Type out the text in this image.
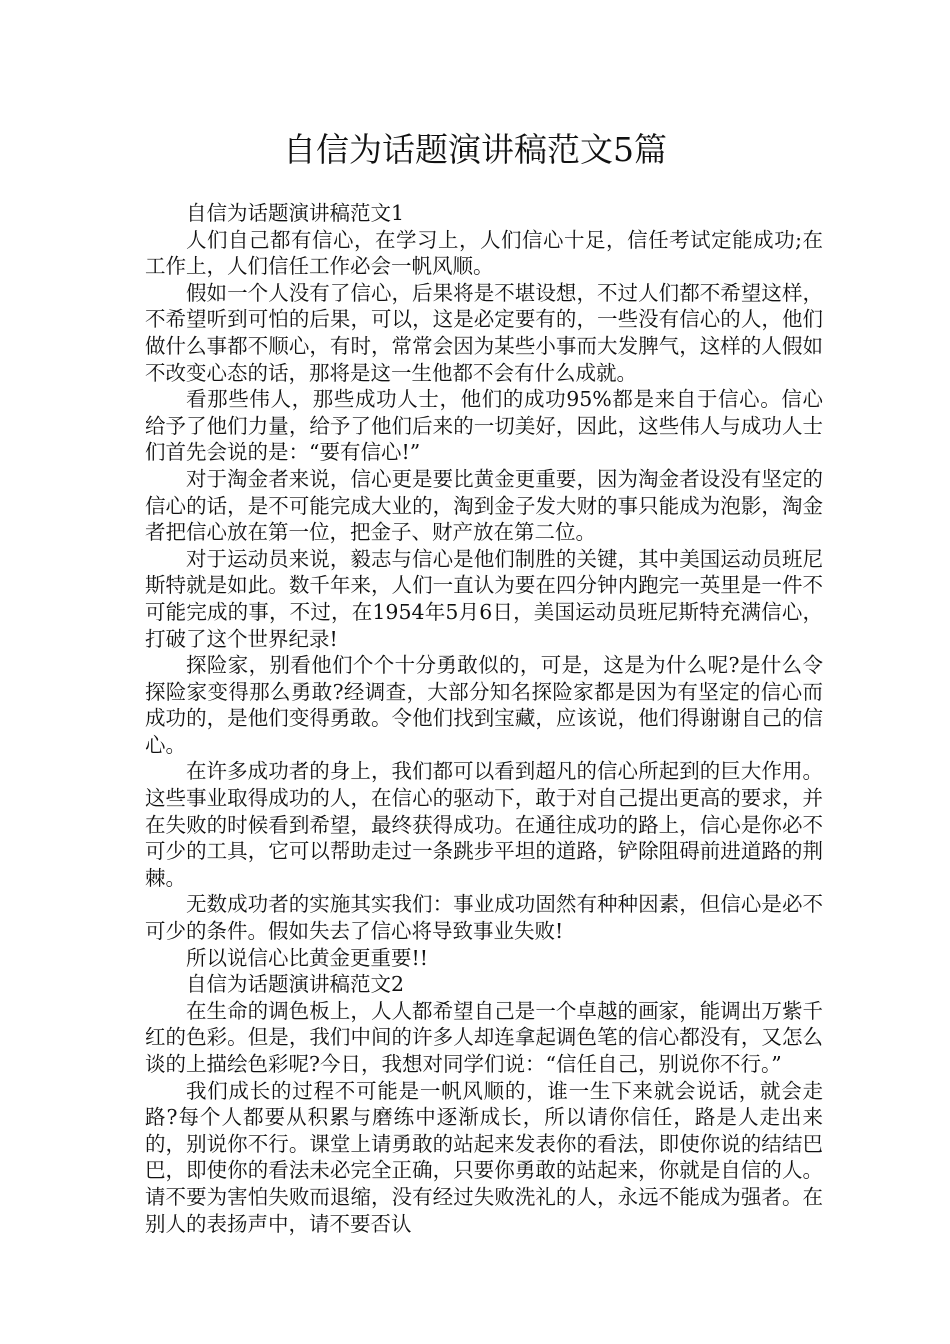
自信为话题演讲稿范文5篇

自信为话题演讲稿范文1

人们自己都有信心，在学习上，人们信心十足，信任考试定能成功;在工作上，人们信任工作必会一帆风顺。

假如一个人没有了信心，后果将是不堪设想，不过人们都不希望这样，不希望听到可怕的后果，可以，这是必定要有的，一些没有信心的人，他们做什么事都不顺心，有时，常常会因为某些小事而大发脾气，这样的人假如不改变心态的话，那将是这一生他都不会有什么成就。

看那些伟人，那些成功人士，他们的成功95%都是来自于信心。信心给予了他们力量，给予了他们后来的一切美好，因此，这些伟人与成功人士们首先会说的是：“要有信心!”

对于淘金者来说，信心更是要比黄金更重要，因为淘金者设没有坚定的信心的话，是不可能完成大业的，淘到金子发大财的事只能成为泡影，淘金者把信心放在第一位，把金子、财产放在第二位。

对于运动员来说，毅志与信心是他们制胜的关键，其中美国运动员班尼斯特就是如此。数千年来，人们一直认为要在四分钟内跑完一英里是一件不可能完成的事，不过，在1954年5月6日，美国运动员班尼斯特充满信心，打破了这个世界纪录!

探险家，别看他们个个十分勇敢似的，可是，这是为什么呢?是什么令探险家变得那么勇敢?经调查，大部分知名探险家都是因为有坚定的信心而成功的，是他们变得勇敢。令他们找到宝藏，应该说，他们得谢谢自己的信心。

在许多成功者的身上，我们都可以看到超凡的信心所起到的巨大作用。这些事业取得成功的人，在信心的驱动下，敢于对自己提出更高的要求，并在失败的时候看到希望，最终获得成功。在通往成功的路上，信心是你必不可少的工具，它可以帮助走过一条跳步平坦的道路，铲除阻碍前进道路的荆棘。

无数成功者的实施其实我们：事业成功固然有种种因素，但信心是必不可少的条件。假如失去了信心将导致事业失败!

所以说信心比黄金更重要!!

自信为话题演讲稿范文2

在生命的调色板上，人人都希望自己是一个卓越的画家，能调出万紫千红的色彩。但是，我们中间的许多人却连拿起调色笔的信心都没有，又怎么谈的上描绘色彩呢?今日，我想对同学们说：“信任自己，别说你不行。”

我们成长的过程不可能是一帆风顺的，谁一生下来就会说话，就会走路?每个人都要从积累与磨练中逐渐成长，所以请你信任，路是人走出来的，别说你不行。课堂上请勇敢的站起来发表你的看法，即使你说的结结巴巴，即使你的看法未必完全正确，只要你勇敢的站起来，你就是自信的人。请不要为害怕失败而退缩，没有经过失败洗礼的人，永远不能成为强者。在别人的表扬声中，请不要否认
